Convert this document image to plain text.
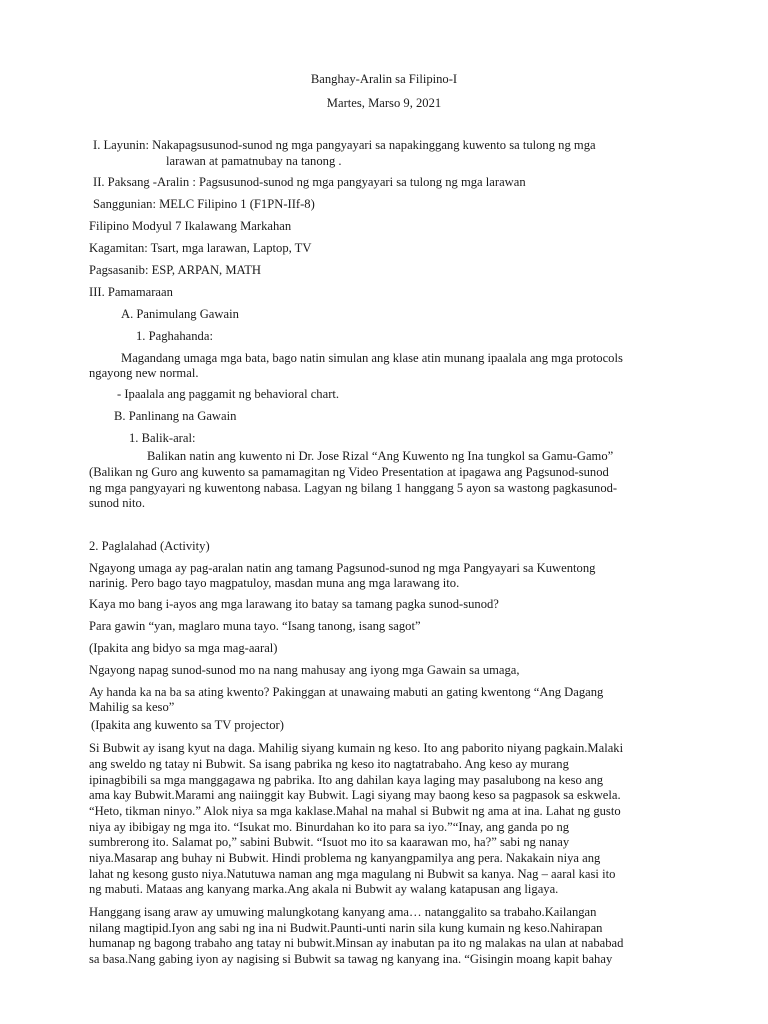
Banghay-Aralin sa Filipino-I
Martes, Marso 9, 2021
I. Layunin: Nakapagsusunod-sunod ng mga pangyayari sa napakinggang kuwento sa tulong ng mga
larawan at pamatnubay na tanong .
II. Paksang -Aralin : Pagsusunod-sunod ng mga pangyayari sa tulong ng mga larawan
Sanggunian: MELC Filipino 1 (F1PN-IIf-8)
Filipino Modyul 7 Ikalawang Markahan
Kagamitan: Tsart, mga larawan, Laptop, TV
Pagsasanib: ESP, ARPAN, MATH
III. Pamamaraan
A. Panimulang Gawain
1. Paghahanda:
Magandang umaga mga bata, bago natin simulan ang klase atin munang ipaalala ang mga protocols
ngayong new normal.
- Ipaalala ang paggamit ng behavioral chart.
B. Panlinang na Gawain
1. Balik-aral:
Balikan natin ang kuwento ni Dr. Jose Rizal “Ang Kuwento ng Ina tungkol sa Gamu-Gamo”
(Balikan ng Guro ang kuwento sa pamamagitan ng Video Presentation at ipagawa ang Pagsunod-sunod
ng mga pangyayari ng kuwentong nabasa. Lagyan ng bilang 1 hanggang 5 ayon sa wastong pagkasunod-
sunod nito.
2. Paglalahad (Activity)
Ngayong umaga ay pag-aralan natin ang tamang Pagsunod-sunod ng mga Pangyayari sa Kuwentong
narinig. Pero bago tayo magpatuloy, masdan muna ang mga larawang ito.
Kaya mo bang i-ayos ang mga larawang ito batay sa tamang pagka sunod-sunod?
Para gawin “yan, maglaro muna tayo. “Isang tanong, isang sagot”
(Ipakita ang bidyo sa mga mag-aaral)
Ngayong napag sunod-sunod mo na nang mahusay ang iyong mga Gawain sa umaga,
Ay handa ka na ba sa ating kwento? Pakinggan at unawaing mabuti an gating kwentong “Ang Dagang
Mahilig sa keso”
(Ipakita ang kuwento sa TV projector)
Si Bubwit ay isang kyut na daga. Mahilig siyang kumain ng keso. Ito ang paborito niyang pagkain.Malaki
ang sweldo ng tatay ni Bubwit. Sa isang pabrika ng keso ito nagtatrabaho. Ang keso ay murang
ipinagbibili sa mga manggagawa ng pabrika. Ito ang dahilan kaya laging may pasalubong na keso ang
ama kay Bubwit.Marami ang naiinggit kay Bubwit. Lagi siyang may baong keso sa pagpasok sa eskwela.
“Heto, tikman ninyo.” Alok niya sa mga kaklase.Mahal na mahal si Bubwit ng ama at ina. Lahat ng gusto
niya ay ibibigay ng mga ito. “Isukat mo. Binurdahan ko ito para sa iyo.”“Inay, ang ganda po ng
sumbrerong ito. Salamat po,” sabini Bubwit. “Isuot mo ito sa kaarawan mo, ha?” sabi ng nanay
niya.Masarap ang buhay ni Bubwit. Hindi problema ng kanyangpamilya ang pera. Nakakain niya ang
lahat ng kesong gusto niya.Natutuwa naman ang mga magulang ni Bubwit sa kanya. Nag – aaral kasi ito
ng mabuti. Mataas ang kanyang marka.Ang akala ni Bubwit ay walang katapusan ang ligaya.
Hanggang isang araw ay umuwing malungkotang kanyang ama… natanggalito sa trabaho.Kailangan
nilang magtipid.Iyon ang sabi ng ina ni Budwit.Paunti-unti narin sila kung kumain ng keso.Nahirapan
humanap ng bagong trabaho ang tatay ni bubwit.Minsan ay inabutan pa ito ng malakas na ulan at nababad
sa basa.Nang gabing iyon ay nagising si Bubwit sa tawag ng kanyang ina. “Gisingin moang kapit bahay
